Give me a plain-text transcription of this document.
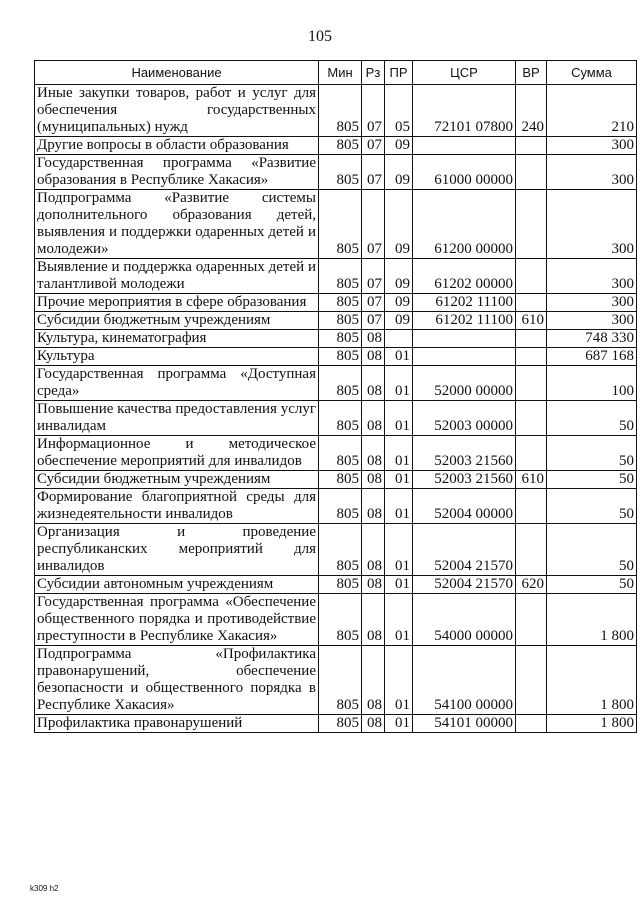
105
Наименование	Мин	Рз	ПР	ЦСР	ВР	Сумма
Иные закупки товаров, работ и услуг для обеспечения государственных (муниципальных) нужд	805	07	05	72101 07800	240	210
Другие вопросы в области образования	805	07	09			300
Государственная программа «Развитие образования в Республике Хакасия»	805	07	09	61000 00000		300
Подпрограмма «Развитие системы дополнительного образования детей, выявления и поддержки одаренных детей и молодежи»	805	07	09	61200 00000		300
Выявление и поддержка одаренных детей и талантливой молодежи	805	07	09	61202 00000		300
Прочие мероприятия в сфере образования	805	07	09	61202 11100		300
Субсидии бюджетным учреждениям	805	07	09	61202 11100	610	300
Культура, кинематография	805	08				748 330
Культура	805	08	01			687 168
Государственная программа «Доступная среда»	805	08	01	52000 00000		100
Повышение качества предоставления услуг инвалидам	805	08	01	52003 00000		50
Информационное и методическое обеспечение мероприятий для инвалидов	805	08	01	52003 21560		50
Субсидии бюджетным учреждениям	805	08	01	52003 21560	610	50
Формирование благоприятной среды для жизнедеятельности инвалидов	805	08	01	52004 00000		50
Организация и проведение республиканских мероприятий для инвалидов	805	08	01	52004 21570		50
Субсидии автономным учреждениям	805	08	01	52004 21570	620	50
Государственная программа «Обеспечение общественного порядка и противодействие преступности в Республике Хакасия»	805	08	01	54000 00000		1 800
Подпрограмма «Профилактика правонарушений, обеспечение безопасности и общественного порядка в Республике Хакасия»	805	08	01	54100 00000		1 800
Профилактика правонарушений	805	08	01	54101 00000		1 800
k309 h2
